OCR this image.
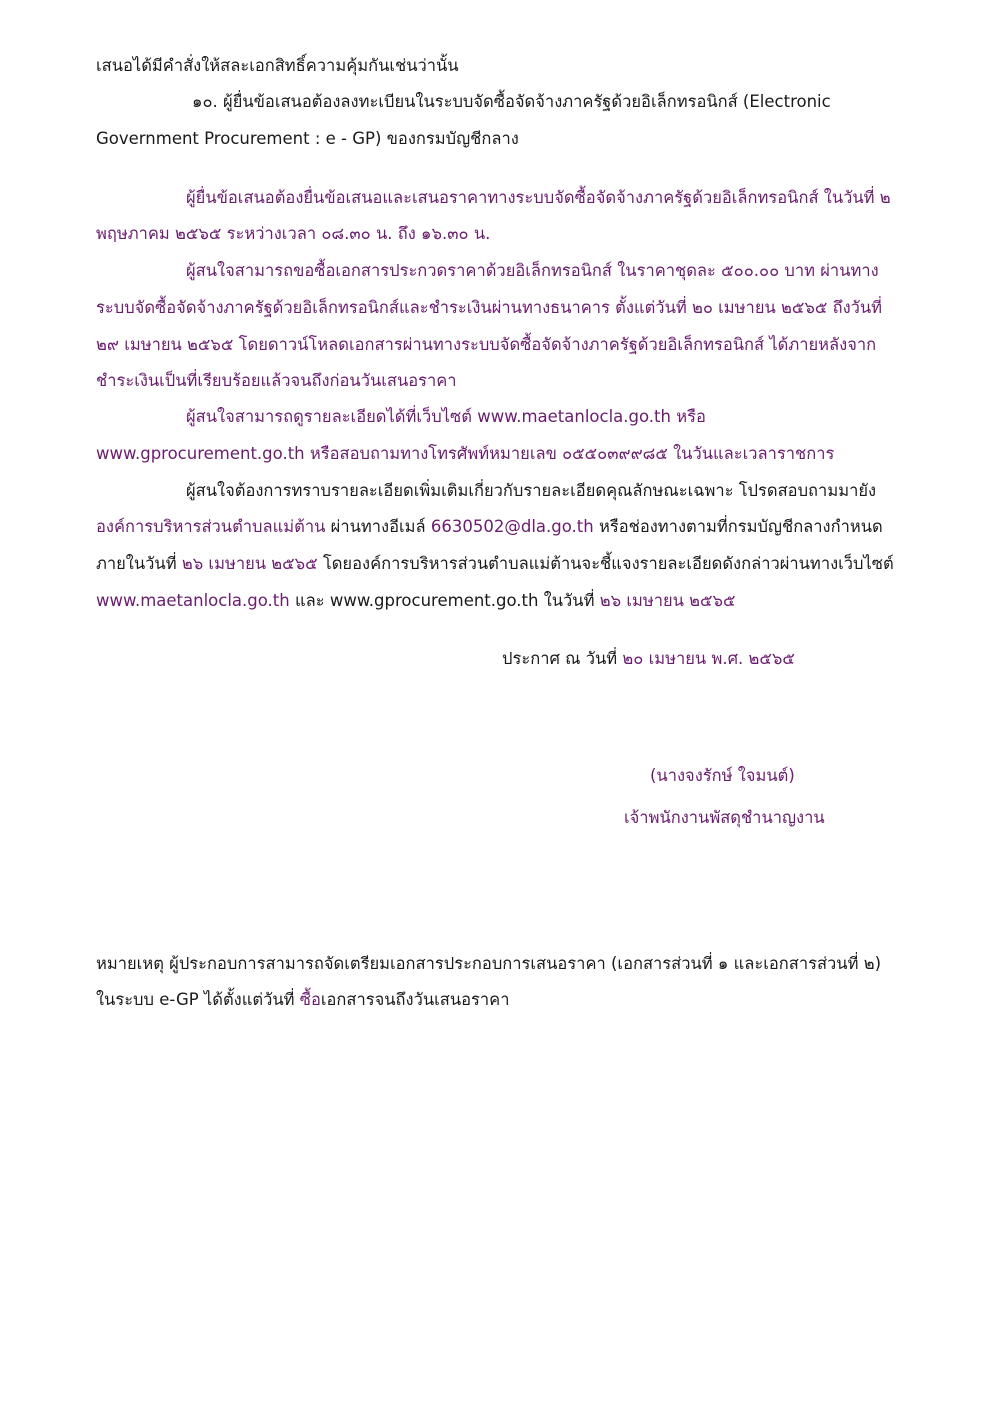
เสนอได้มีคำสั่งให้สละเอกสิทธิ์ความคุ้มกันเช่นว่านั้น
๑๐. ผู้ยื่นข้อเสนอต้องลงทะเบียนในระบบจัดซื้อจัดจ้างภาครัฐด้วยอิเล็กทรอนิกส์ (Electronic
Government Procurement : e - GP) ของกรมบัญชีกลาง
ผู้ยื่นข้อเสนอต้องยื่นข้อเสนอและเสนอราคาทางระบบจัดซื้อจัดจ้างภาครัฐด้วยอิเล็กทรอนิกส์ ในวันที่ ๒
พฤษภาคม ๒๕๖๕ ระหว่างเวลา ๐๘.๓๐ น. ถึง ๑๖.๓๐ น.
ผู้สนใจสามารถขอซื้อเอกสารประกวดราคาด้วยอิเล็กทรอนิกส์ ในราคาชุดละ ๕๐๐.๐๐ บาท ผ่านทาง
ระบบจัดซื้อจัดจ้างภาครัฐด้วยอิเล็กทรอนิกส์และชำระเงินผ่านทางธนาคาร ตั้งแต่วันที่ ๒๐ เมษายน ๒๕๖๕ ถึงวันที่
๒๙ เมษายน ๒๕๖๕ โดยดาวน์โหลดเอกสารผ่านทางระบบจัดซื้อจัดจ้างภาครัฐด้วยอิเล็กทรอนิกส์ ได้ภายหลังจาก
ชำระเงินเป็นที่เรียบร้อยแล้วจนถึงก่อนวันเสนอราคา
ผู้สนใจสามารถดูรายละเอียดได้ที่เว็บไซต์ www.maetanlocla.go.th หรือ
www.gprocurement.go.th หรือสอบถามทางโทรศัพท์หมายเลข ๐๕๕๐๓๙๙๘๕ ในวันและเวลาราชการ
ผู้สนใจต้องการทราบรายละเอียดเพิ่มเติมเกี่ยวกับรายละเอียดคุณลักษณะเฉพาะ โปรดสอบถามมายัง
องค์การบริหารส่วนตำบลแม่ต้าน ผ่านทางอีเมล์ 6630502@dla.go.th หรือช่องทางตามที่กรมบัญชีกลางกำหนด
ภายในวันที่ ๒๖ เมษายน ๒๕๖๕ โดยองค์การบริหารส่วนตำบลแม่ต้านจะชี้แจงรายละเอียดดังกล่าวผ่านทางเว็บไซต์
www.maetanlocla.go.th และ www.gprocurement.go.th ในวันที่ ๒๖ เมษายน ๒๕๖๕
ประกาศ ณ วันที่ ๒๐ เมษายน พ.ศ. ๒๕๖๕
(นางจงรักษ์ ใจมนต์)
เจ้าพนักงานพัสดุชำนาญงาน
หมายเหตุ ผู้ประกอบการสามารถจัดเตรียมเอกสารประกอบการเสนอราคา (เอกสารส่วนที่ ๑ และเอกสารส่วนที่ ๒)
ในระบบ e-GP ได้ตั้งแต่วันที่ ซื้อเอกสารจนถึงวันเสนอราคา
